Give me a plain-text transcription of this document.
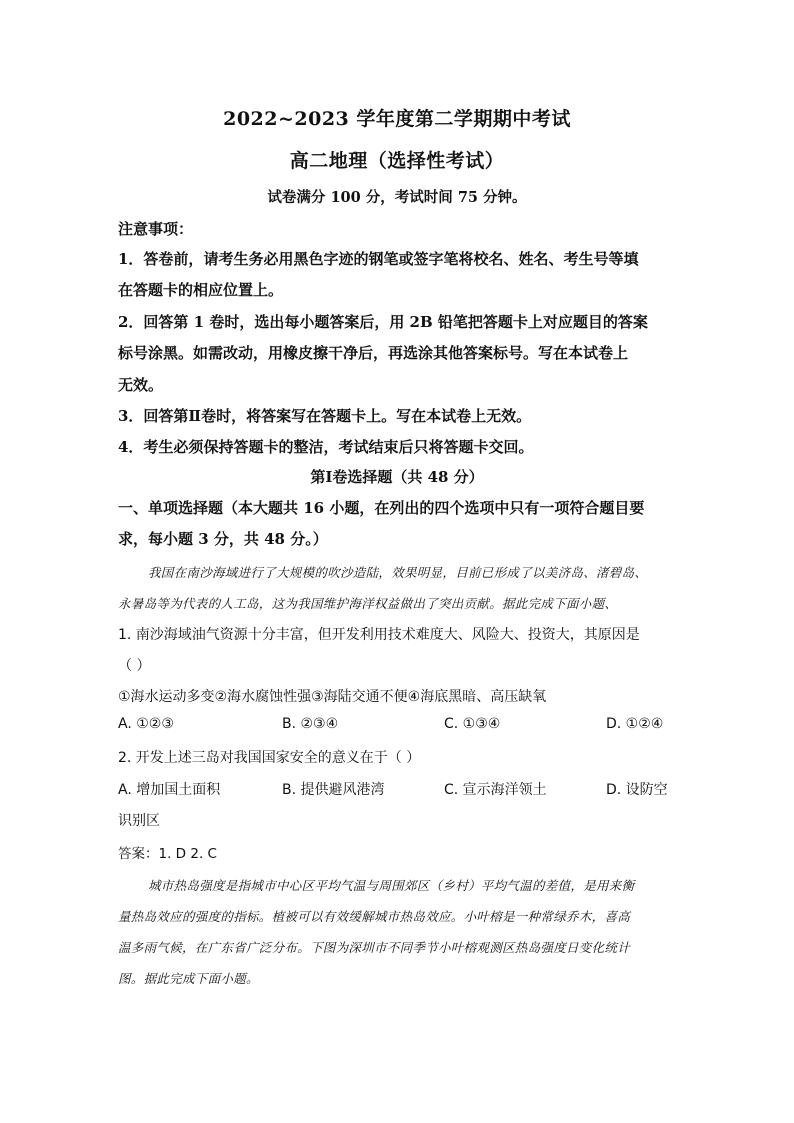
2022~2023 学年度第二学期期中考试
高二地理（选择性考试）
试卷满分 100 分，考试时间 75 分钟。
注意事项：
1．答卷前，请考生务必用黑色字迹的钢笔或签字笔将校名、姓名、考生号等填
在答题卡的相应位置上。
2．回答第 1 卷时，选出每小题答案后，用 2B 铅笔把答题卡上对应题目的答案
标号涂黑。如需改动，用橡皮擦干净后，再选涂其他答案标号。写在本试卷上
无效。
3．回答第Ⅱ卷时，将答案写在答题卡上。写在本试卷上无效。
4．考生必须保持答题卡的整洁，考试结束后只将答题卡交回。
第Ⅰ卷选择题（共 48 分）
一、单项选择题（本大题共 16 小题，在列出的四个选项中只有一项符合题目要
求，每小题 3 分，共 48 分。）
我国在南沙海域进行了大规模的吹沙造陆，效果明显，目前已形成了以美济岛、渚碧岛、
永暑岛等为代表的人工岛，这为我国维护海洋权益做出了突出贡献。据此完成下面小题、
1. 南沙海域油气资源十分丰富，但开发利用技术难度大、风险大、投资大，其原因是
（ ）
①海水运动多变②海水腐蚀性强③海陆交通不便④海底黑暗、高压缺氧
A. ①②③	B. ②③④	C. ①③④	D. ①②④
2. 开发上述三岛对我国国家安全的意义在于（ ）
A. 增加国土面积	B. 提供避风港湾	C. 宣示海洋领土	D. 设防空
识别区
答案：1. D 2. C
城市热岛强度是指城市中心区平均气温与周围郊区（乡村）平均气温的差值，是用来衡
量热岛效应的强度的指标。植被可以有效缓解城市热岛效应。小叶榕是一种常绿乔木，喜高
温多雨气候，在广东省广泛分布。下图为深圳市不同季节小叶榕观测区热岛强度日变化统计
图。据此完成下面小题。
